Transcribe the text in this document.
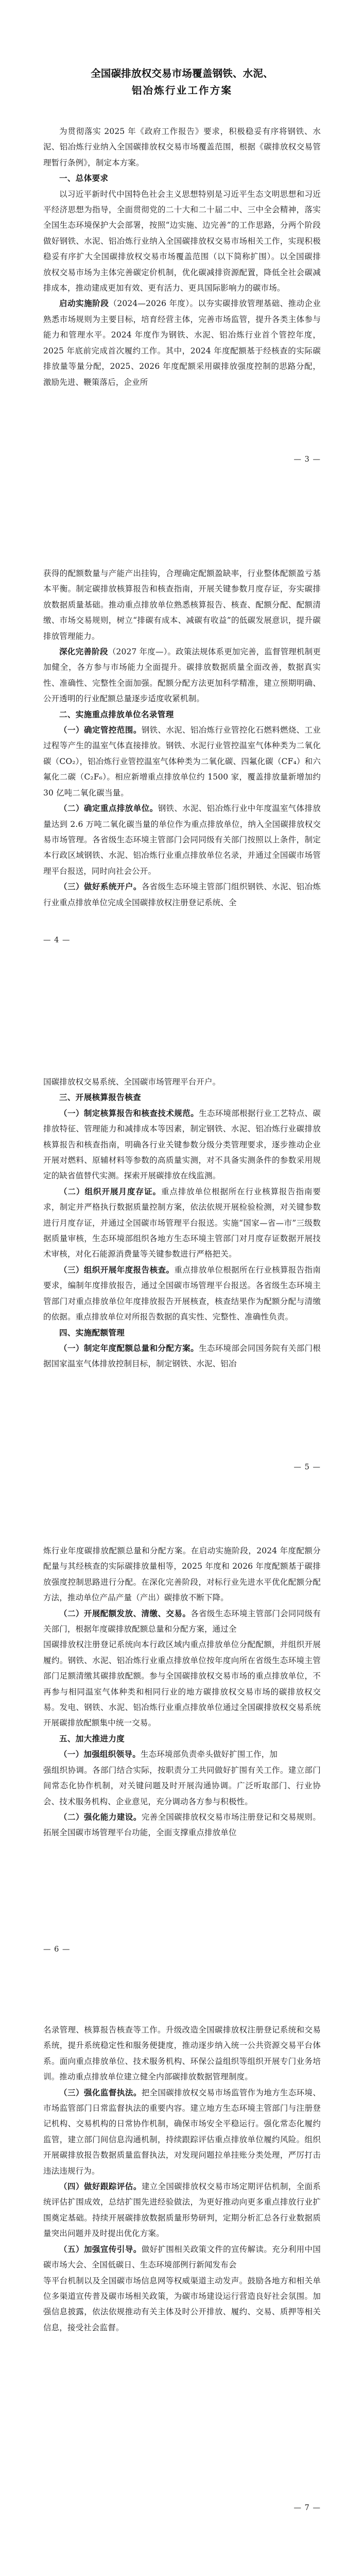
全国碳排放权交易市场覆盖钢铁、水泥、
铝冶炼行业工作方案

为贯彻落实 2025 年《政府工作报告》要求，积极稳妥有序将钢铁、水泥、铝冶炼行业纳入全国碳排放权交易市场覆盖范围，根据《碳排放权交易管理暂行条例》，制定本方案。

一、总体要求

以习近平新时代中国特色社会主义思想特别是习近平生态文明思想和习近平经济思想为指导，全面贯彻党的二十大和二十届二中、三中全会精神，落实全国生态环境保护大会部署，按照“边实施、边完善”的工作思路，分两个阶段做好钢铁、水泥、铝冶炼行业纳入全国碳排放权交易市场相关工作，实现积极稳妥有序扩大全国碳排放权交易市场覆盖范围（以下简称扩围）。以全国碳排放权交易市场为主体完善碳定价机制，优化碳减排资源配置，降低全社会碳减排成本，推动建成更加有效、更有活力、更具国际影响力的碳市场。

启动实施阶段（2024—2026 年度）。以夯实碳排放管理基础、推动企业熟悉市场规则为主要目标，培育经营主体，完善市场监管，提升各类主体参与能力和管理水平。2024 年度作为钢铁、水泥、铝冶炼行业首个管控年度，2025 年底前完成首次履约工作。其中，2024 年度配额基于经核查的实际碳排放量等量分配，2025、2026 年度配额采用碳排放强度控制的思路分配，激励先进、鞭策落后，企业所

— 3 —

获得的配额数量与产能产出挂钩，合理确定配额盈缺率，行业整体配额盈亏基本平衡。制定碳排放核算报告和核查指南，开展关键参数月度存证，夯实碳排放数据质量基础。推动重点排放单位熟悉核算报告、核查、配额分配、配额清缴、市场交易规则，树立“排碳有成本、减碳有收益”的低碳发展意识，提升碳排放管理能力。

深化完善阶段（2027 年度—）。政策法规体系更加完善，监督管理机制更加健全，各方参与市场能力全面提升。碳排放数据质量全面改善，数据真实性、准确性、完整性全面加强。配额分配方法更加科学精准，建立预期明确、公开透明的行业配额总量逐步适度收紧机制。

二、实施重点排放单位名录管理

（一）确定管控范围。钢铁、水泥、铝冶炼行业管控化石燃料燃烧、工业过程等产生的温室气体直接排放。钢铁、水泥行业管控温室气体种类为二氧化碳（CO₂），铝冶炼行业管控温室气体种类为二氧化碳、四氟化碳（CF₄）和六氟化二碳（C₂F₆）。相应新增重点排放单位约 1500 家，覆盖排放量新增加约 30 亿吨二氧化碳当量。

（二）确定重点排放单位。钢铁、水泥、铝冶炼行业中年度温室气体排放量达到 2.6 万吨二氧化碳当量的单位作为重点排放单位，纳入全国碳排放权交易市场管理。各省级生态环境主管部门会同同级有关部门按照以上条件，制定本行政区域钢铁、水泥、铝冶炼行业重点排放单位名录，并通过全国碳市场管理平台报送，同时向社会公开。

（三）做好系统开户。各省级生态环境主管部门组织钢铁、水泥、铝冶炼行业重点排放单位完成全国碳排放权注册登记系统、全

— 4 —

国碳排放权交易系统、全国碳市场管理平台开户。

三、开展核算报告核查

（一）制定核算报告和核查技术规范。生态环境部根据行业工艺特点、碳排放特征、管理能力和减排成本等因素，制定钢铁、水泥、铝冶炼行业碳排放核算报告和核查指南，明确各行业关键参数分级分类管理要求，逐步推动企业开展对燃料、原辅材料等参数的高质量实测，对不具备实测条件的参数采用规定的缺省值替代实测。探索开展碳排放在线监测。

（二）组织开展月度存证。重点排放单位根据所在行业核算报告指南要求，制定并严格执行数据质量控制方案，依法依规开展检验检测，对关键参数进行月度存证，并通过全国碳市场管理平台报送。实施“国家—省—市”三级数据质量审核，生态环境部组织各地方生态环境主管部门对月度存证数据开展技术审核，对化石能源消费量等关键参数进行严格把关。

（三）组织开展年度报告核查。重点排放单位根据所在行业核算报告指南要求，编制年度排放报告，通过全国碳市场管理平台报送。各省级生态环境主管部门对重点排放单位年度排放报告开展核查，核查结果作为配额分配与清缴的依据。重点排放单位对所报告数据的真实性、完整性、准确性负责。

四、实施配额管理

（一）制定年度配额总量和分配方案。生态环境部会同国务院有关部门根据国家温室气体排放控制目标，制定钢铁、水泥、铝冶

— 5 —

炼行业年度碳排放配额总量和分配方案。在启动实施阶段，2024 年度配额分配量与其经核查的实际碳排放量相等，2025 年度和 2026 年度配额基于碳排放强度控制思路进行分配。在深化完善阶段，对标行业先进水平优化配额分配方法，推动单位产品产量（产出）碳排放不断下降。

（二）开展配额发放、清缴、交易。各省级生态环境主管部门会同同级有关部门，根据年度碳排放配额总量和分配方案，通过全

国碳排放权注册登记系统向本行政区域内重点排放单位分配配额，并组织开展履约。钢铁、水泥、铝冶炼行业重点排放单位按年度向所在省级生态环境主管部门足额清缴其碳排放配额。参与全国碳排放权交易市场的重点排放单位，不再参与相同温室气体种类和相同行业的地方碳排放权交易市场的碳排放权交易。发电、钢铁、水泥、铝冶炼行业重点排放单位通过全国碳排放权交易系统开展碳排放配额集中统一交易。

五、加大推进力度

（一）加强组织领导。生态环境部负责牵头做好扩围工作，加

强组织协调。各部门结合实际，按职责分工共同做好扩围有关工作。建立部门间常态化协作机制，对关键问题及时开展沟通协调。广泛听取部门、行业协会、技术服务机构、企业意见，充分调动各方参与积极性。

（二）强化能力建设。完善全国碳排放权交易市场注册登记和交易规则。拓展全国碳市场管理平台功能，全面支撑重点排放单位

— 6 —

名录管理、核算报告核查等工作。升级改造全国碳排放权注册登记系统和交易系统，提升系统稳定性和服务便捷度，推动逐步纳入统一公共资源交易平台体系。面向重点排放单位、技术服务机构、环保公益组织等组织开展专门业务培训。推动重点排放单位建立健全内部碳排放数据管理制度。

（三）强化监督执法。把全国碳排放权交易市场监管作为地方生态环境、市场监管部门日常监督执法的重要内容。建立地方生态环境主管部门与注册登记机构、交易机构的日常协作机制，确保市场安全平稳运行。强化常态化履约监管，建立部门间信息沟通机制，持续跟踪评估重点排放单位履约风险。组织开展碳排放报告数据质量监督执法，对发现问题拉单挂账分类处理，严厉打击违法违规行为。

（四）做好跟踪评估。建立全国碳排放权交易市场定期评估机制，全面系统评估扩围成效，总结扩围先进经验做法，为更好推动向更多重点排放行业扩围奠定基础。持续开展碳排放数据质量形势研判，定期分析汇总各行业数据质量突出问题并及时提出优化方案。

（五）加强宣传引导。做好扩围相关政策文件的宣传解读。充分利用中国碳市场大会、全国低碳日、生态环境部例行新闻发布会

等平台机制以及全国碳市场信息网等权威渠道主动发声。鼓励各地方和相关单位多渠道宣传普及碳市场相关政策，为碳市场建设运行营造良好社会氛围。加强信息披露，依法依规推动有关主体及时公开排放、履约、交易、质押等相关信息，接受社会监督。

— 7 —
